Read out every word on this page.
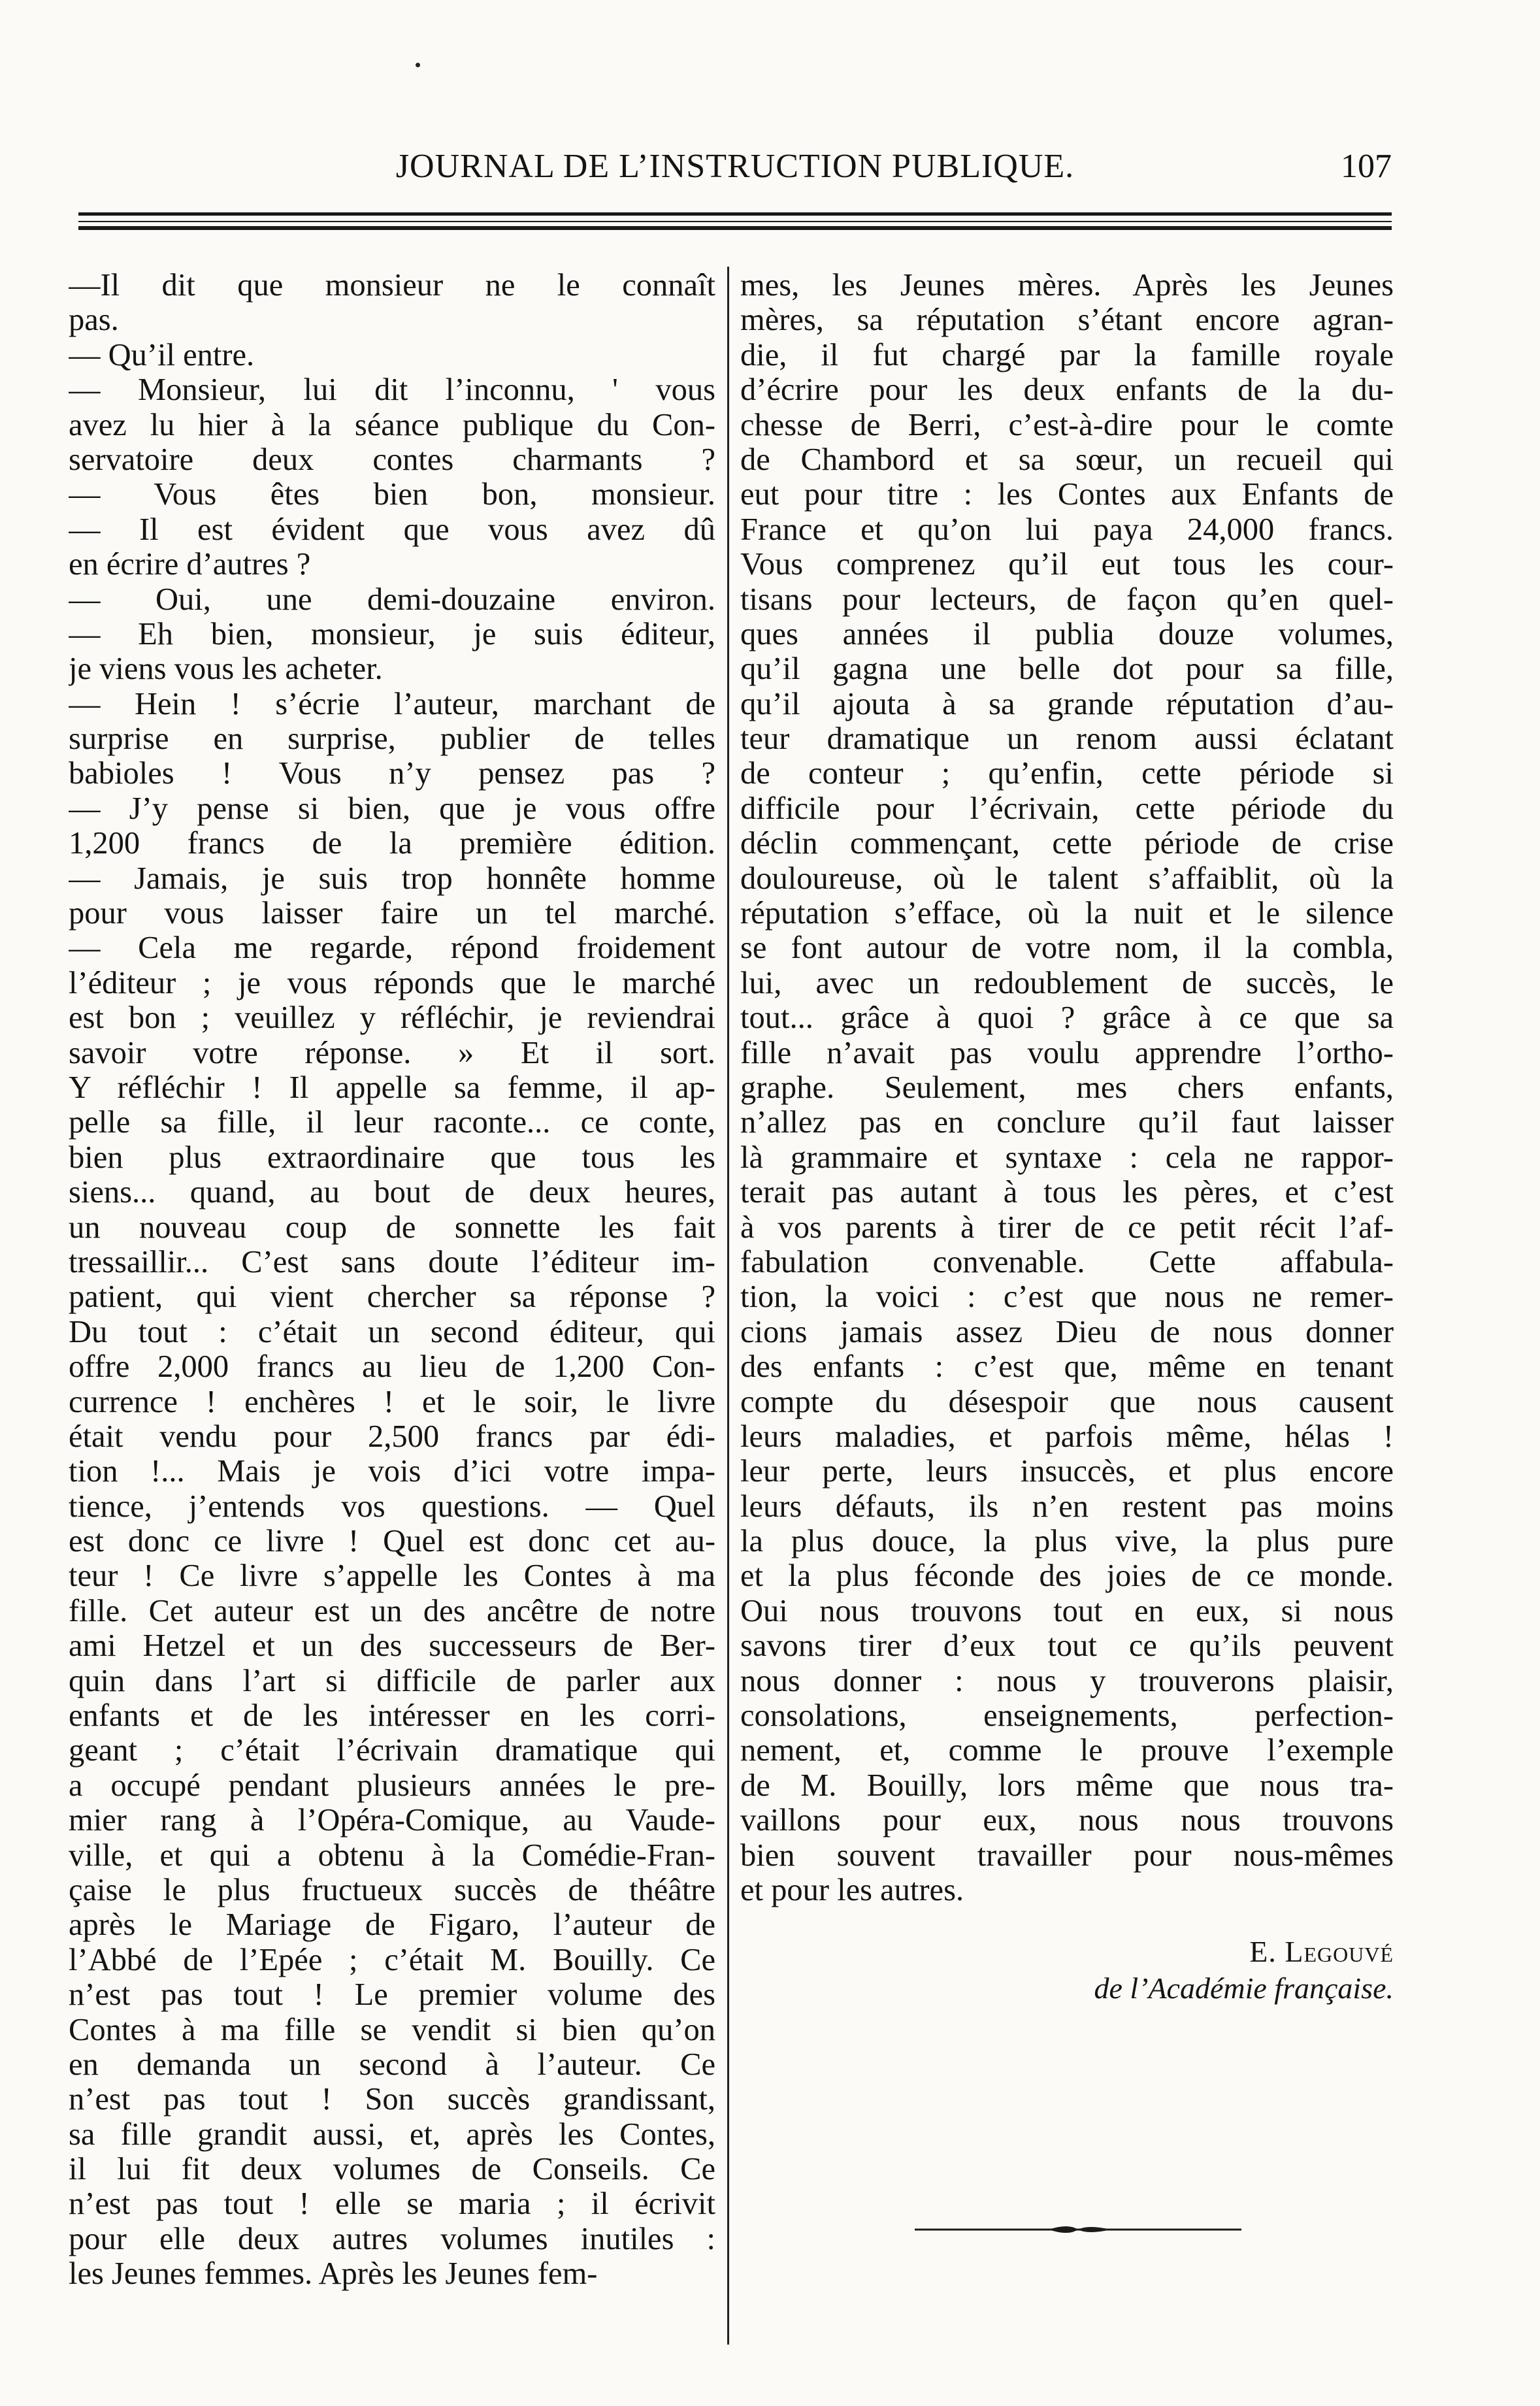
JOURNAL DE L’INSTRUCTION PUBLIQUE.	107
—Il dit que monsieur ne le connaît
pas.
— Qu’il entre.
— Monsieur, lui dit l’inconnu, ' vous
avez lu hier à la séance publique du Con-
servatoire deux contes charmants ?
— Vous êtes bien bon, monsieur.
— Il est évident que vous avez dû
en écrire d’autres ?
— Oui, une demi-douzaine environ.
— Eh bien, monsieur, je suis éditeur,
je viens vous les acheter.
— Hein ! s’écrie l’auteur, marchant de
surprise en surprise, publier de telles
babioles ! Vous n’y pensez pas ?
— J’y pense si bien, que je vous offre
1,200 francs de la première édition.
— Jamais, je suis trop honnête homme
pour vous laisser faire un tel marché.
— Cela me regarde, répond froidement
l’éditeur ; je vous réponds que le marché
est bon ; veuillez y réfléchir, je reviendrai
savoir votre réponse. » Et il sort.
Y réfléchir ! Il appelle sa femme, il ap-
pelle sa fille, il leur raconte... ce conte,
bien plus extraordinaire que tous les
siens... quand, au bout de deux heures,
un nouveau coup de sonnette les fait
tressaillir... C’est sans doute l’éditeur im-
patient, qui vient chercher sa réponse ?
Du tout : c’était un second éditeur, qui
offre 2,000 francs au lieu de 1,200 Con-
currence ! enchères ! et le soir, le livre
était vendu pour 2,500 francs par édi-
tion !... Mais je vois d’ici votre impa-
tience, j’entends vos questions. — Quel
est donc ce livre ! Quel est donc cet au-
teur ! Ce livre s’appelle les Contes à ma
fille. Cet auteur est un des ancêtre de notre
ami Hetzel et un des successeurs de Ber-
quin dans l’art si difficile de parler aux
enfants et de les intéresser en les corri-
geant ; c’était l’écrivain dramatique qui
a occupé pendant plusieurs années le pre-
mier rang à l’Opéra-Comique, au Vaude-
ville, et qui a obtenu à la Comédie-Fran-
çaise le plus fructueux succès de théâtre
après le Mariage de Figaro, l’auteur de
l’Abbé de l’Epée ; c’était M. Bouilly. Ce
n’est pas tout ! Le premier volume des
Contes à ma fille se vendit si bien qu’on
en demanda un second à l’auteur. Ce
n’est pas tout ! Son succès grandissant,
sa fille grandit aussi, et, après les Contes,
il lui fit deux volumes de Conseils. Ce
n’est pas tout ! elle se maria ; il écrivit
pour elle deux autres volumes inutiles :
les Jeunes femmes. Après les Jeunes fem-
mes, les Jeunes mères. Après les Jeunes
mères, sa réputation s’étant encore agran-
die, il fut chargé par la famille royale
d’écrire pour les deux enfants de la du-
chesse de Berri, c’est-à-dire pour le comte
de Chambord et sa sœur, un recueil qui
eut pour titre : les Contes aux Enfants de
France et qu’on lui paya 24,000 francs.
Vous comprenez qu’il eut tous les cour-
tisans pour lecteurs, de façon qu’en quel-
ques années il publia douze volumes,
qu’il gagna une belle dot pour sa fille,
qu’il ajouta à sa grande réputation d’au-
teur dramatique un renom aussi éclatant
de conteur ; qu’enfin, cette période si
difficile pour l’écrivain, cette période du
déclin commençant, cette période de crise
douloureuse, où le talent s’affaiblit, où la
réputation s’efface, où la nuit et le silence
se font autour de votre nom, il la combla,
lui, avec un redoublement de succès, le
tout... grâce à quoi ? grâce à ce que sa
fille n’avait pas voulu apprendre l’ortho-
graphe. Seulement, mes chers enfants,
n’allez pas en conclure qu’il faut laisser
là grammaire et syntaxe : cela ne rappor-
terait pas autant à tous les pères, et c’est
à vos parents à tirer de ce petit récit l’af-
fabulation convenable. Cette affabula-
tion, la voici : c’est que nous ne remer-
cions jamais assez Dieu de nous donner
des enfants : c’est que, même en tenant
compte du désespoir que nous causent
leurs maladies, et parfois même, hélas !
leur perte, leurs insuccès, et plus encore
leurs défauts, ils n’en restent pas moins
la plus douce, la plus vive, la plus pure
et la plus féconde des joies de ce monde.
Oui nous trouvons tout en eux, si nous
savons tirer d’eux tout ce qu’ils peuvent
nous donner : nous y trouverons plaisir,
consolations, enseignements, perfection-
nement, et, comme le prouve l’exemple
de M. Bouilly, lors même que nous tra-
vaillons pour eux, nous nous trouvons
bien souvent travailler pour nous-mêmes
et pour les autres.
E. Legouvé
de l’Académie française.
